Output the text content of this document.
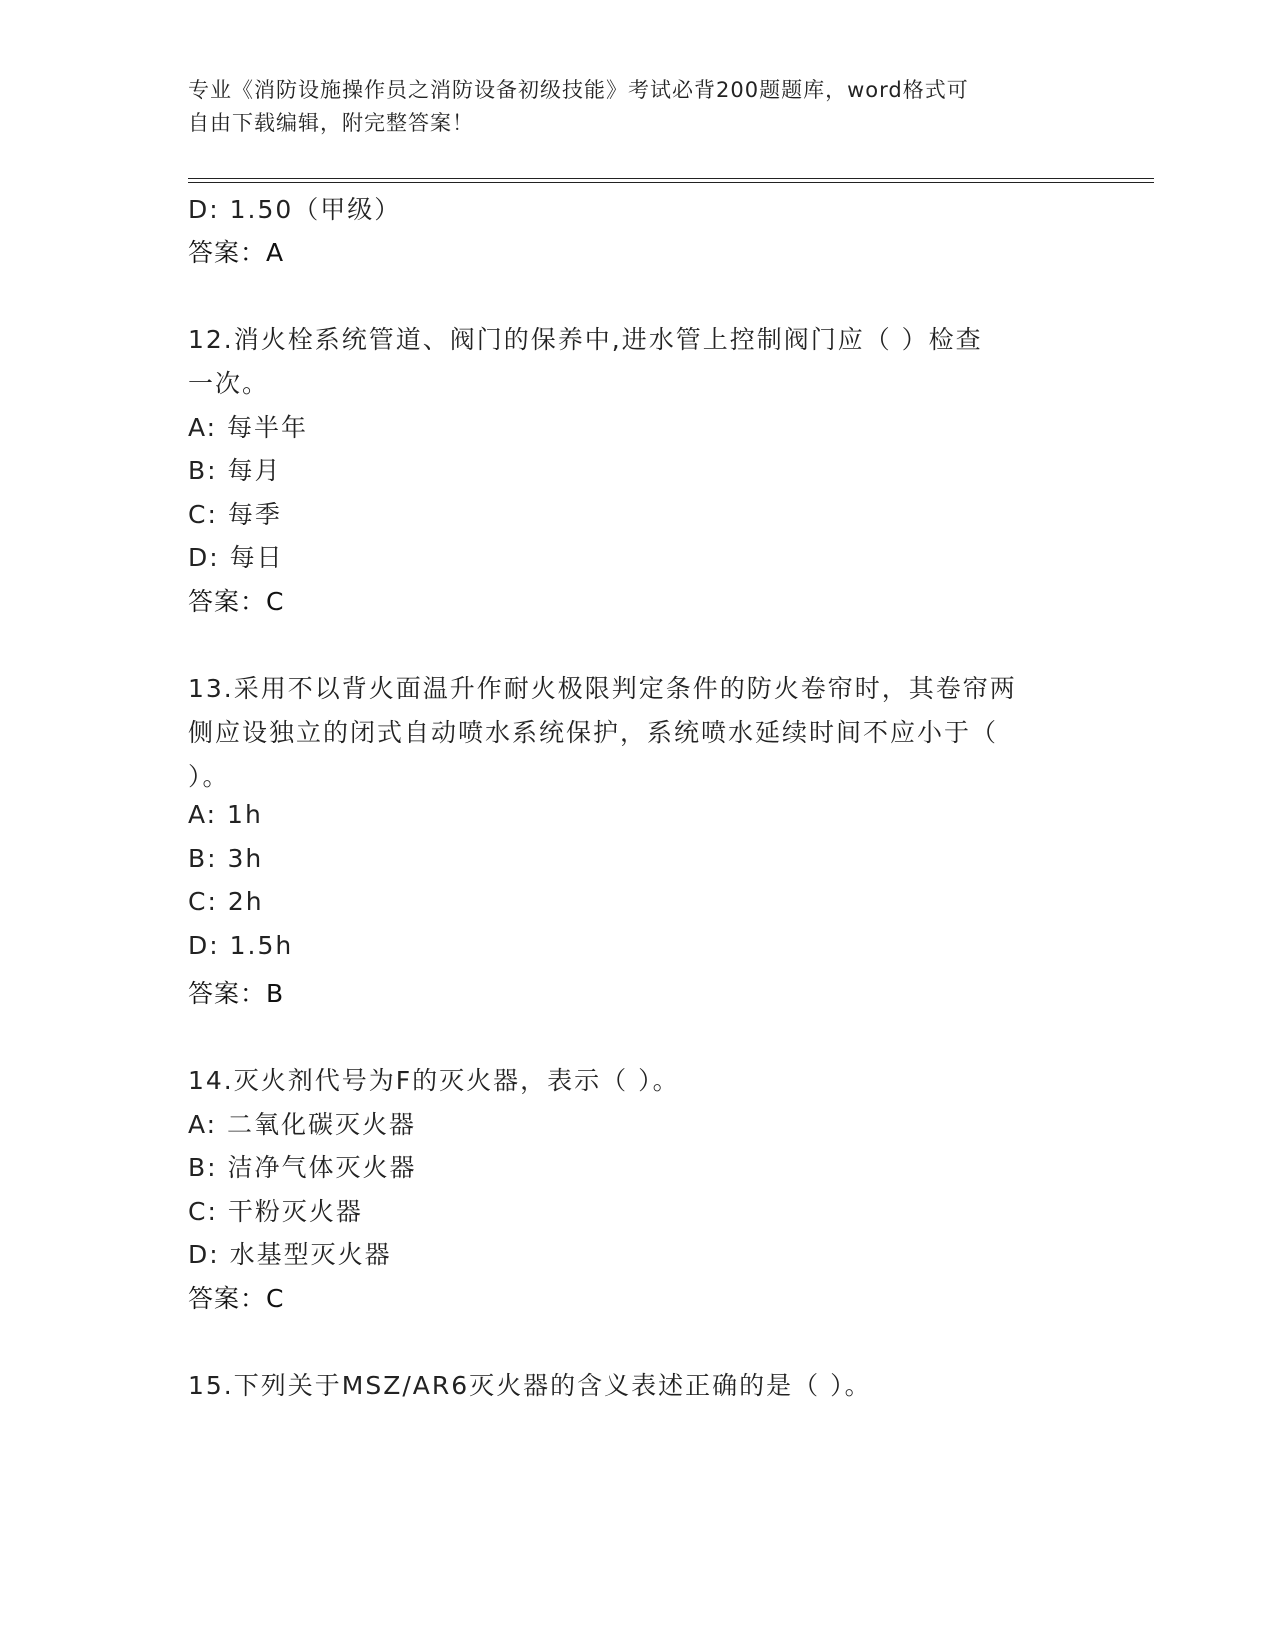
专业《消防设施操作员之消防设备初级技能》考试必背200题题库，word格式可
自由下载编辑，附完整答案！
D: 1.50（甲级）
答案：A
12.消火栓系统管道、阀门的保养中,进水管上控制阀门应（ ）检查
一次。
A: 每半年
B: 每月
C: 每季
D: 每日
答案：C
13.采用不以背火面温升作耐火极限判定条件的防火卷帘时，其卷帘两
侧应设独立的闭式自动喷水系统保护，系统喷水延续时间不应小于（
）。
A: 1h
B: 3h
C: 2h
D: 1.5h
答案：B
14.灭火剂代号为F的灭火器，表示（ ）。
A: 二氧化碳灭火器
B: 洁净气体灭火器
C: 干粉灭火器
D: 水基型灭火器
答案：C
15.下列关于MSZ/AR6灭火器的含义表述正确的是（ ）。
